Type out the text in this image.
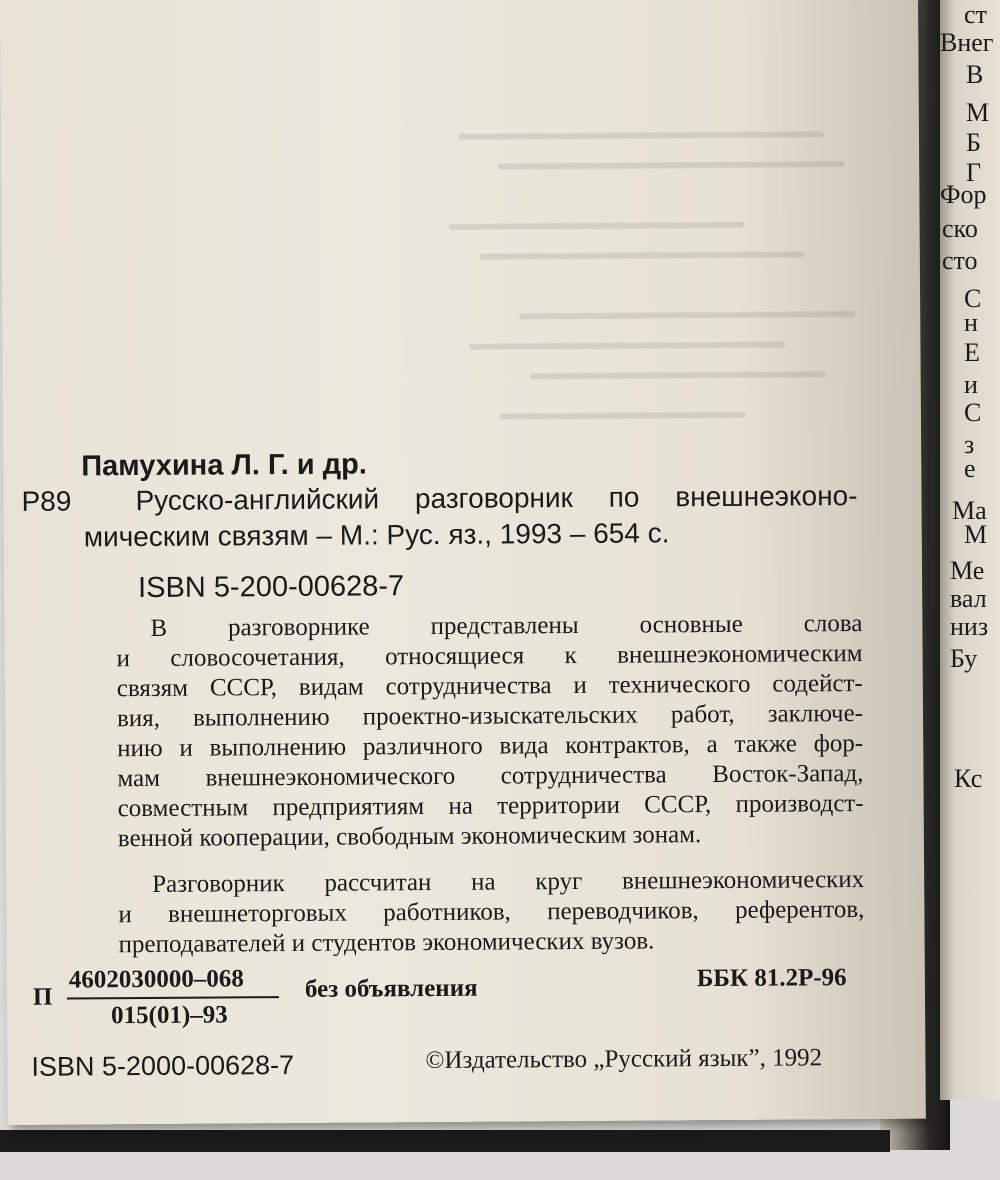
ст
Внег
В
М
Б
Г
Фор
ско
сто
С
н
Е
и
С
з
е
Ма
М
Ме
вал
низ
Бу
Кс
Памухина Л. Г. и др.
Р89 Русско-английский разговорник по внешнеэконо-
мическим связям – М.: Рус. яз., 1993 – 654 с.
ISBN 5-200-00628-7
В разговорнике представлены основные слова
и словосочетания, относящиеся к внешнеэкономическим
связям СССР, видам сотрудничества и технического содейст-
вия, выполнению проектно-изыскательских работ, заключе-
нию и выполнению различного вида контрактов, а также фор-
мам внешнеэкономического сотрудничества Восток-Запад,
совместным предприятиям на территории СССР, производст-
венной кооперации, свободным экономическим зонам.
Разговорник рассчитан на круг внешнеэкономических
и внешнеторговых работников, переводчиков, референтов,
преподавателей и студентов экономических вузов.
П
4602030000–068
015(01)–93
без объявления	ББК 81.2Р-96
ISBN 5-2000-00628-7	©Издательство „Русский язык”, 1992
